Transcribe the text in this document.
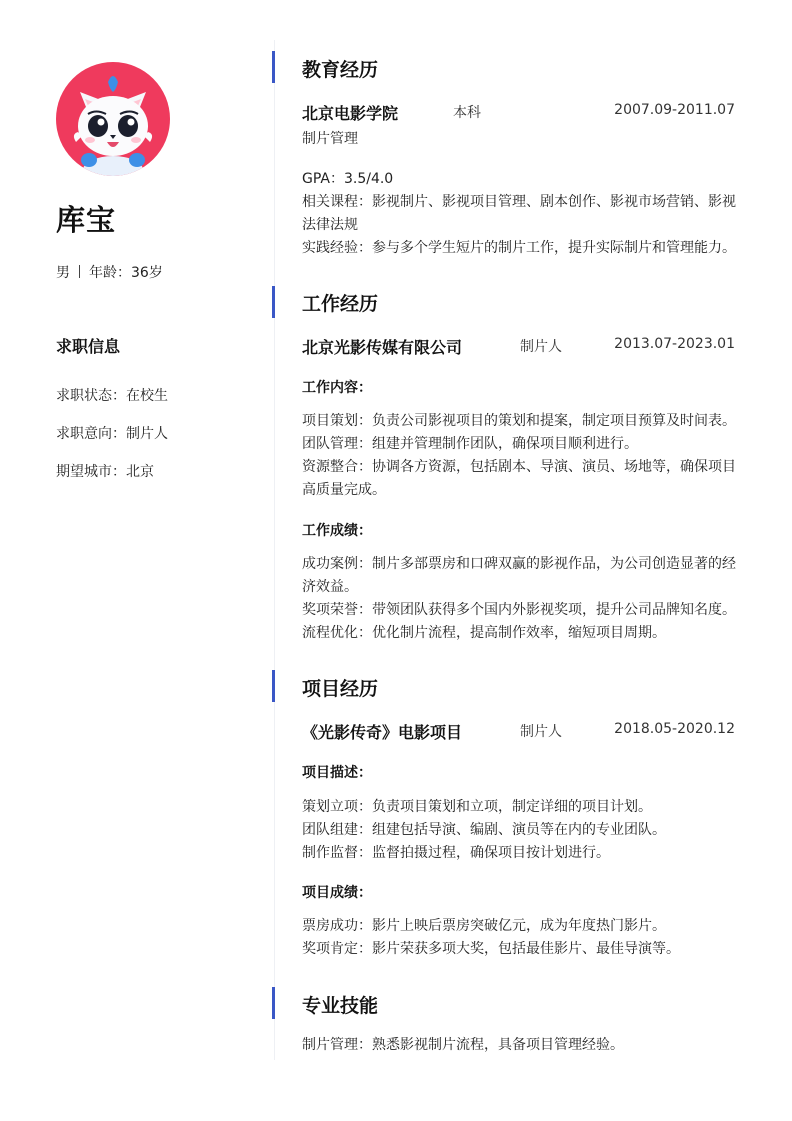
库宝
男 年龄：36岁
求职信息
求职状态：在校生
求职意向：制片人
期望城市：北京
教育经历
北京电影学院	本科	2007.09-2011.07
制片管理

GPA：3.5/4.0

相关课程：影视制片、影视项目管理、剧本创作、影视市场营销、影视法律法规

实践经验：参与多个学生短片的制片工作，提升实际制片和管理能力。

工作经历
北京光影传媒有限公司	制片人	2013.07-2023.01
工作内容：

项目策划：负责公司影视项目的策划和提案，制定项目预算及时间表。

团队管理：组建并管理制作团队，确保项目顺利进行。

资源整合：协调各方资源，包括剧本、导演、演员、场地等，确保项目高质量完成。

工作成绩：

成功案例：制片多部票房和口碑双赢的影视作品，为公司创造显著的经济效益。

奖项荣誉：带领团队获得多个国内外影视奖项，提升公司品牌知名度。

流程优化：优化制片流程，提高制作效率，缩短项目周期。

项目经历
《光影传奇》电影项目	制片人	2018.05-2020.12
项目描述：

策划立项：负责项目策划和立项，制定详细的项目计划。

团队组建：组建包括导演、编剧、演员等在内的专业团队。

制作监督：监督拍摄过程，确保项目按计划进行。

项目成绩：

票房成功：影片上映后票房突破亿元，成为年度热门影片。

奖项肯定：影片荣获多项大奖，包括最佳影片、最佳导演等。

专业技能

制片管理：熟悉影视制片流程，具备项目管理经验。
